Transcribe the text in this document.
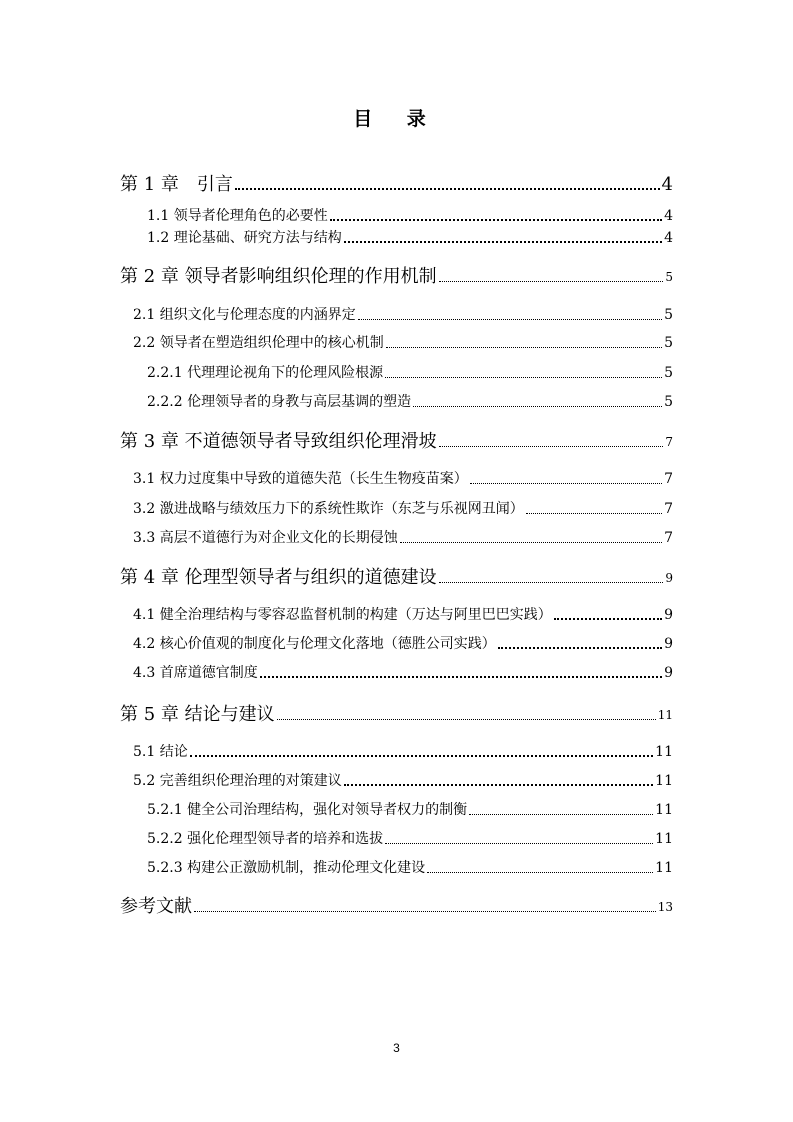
目 录
第 1 章　引言	4
1.1 领导者伦理角色的必要性	4
1.2 理论基础、研究方法与结构	4
第 2 章 领导者影响组织伦理的作用机制	5
2.1 组织文化与伦理态度的内涵界定	5
2.2 领导者在塑造组织伦理中的核心机制	5
2.2.1 代理理论视角下的伦理风险根源	5
2.2.2 伦理领导者的身教与高层基调的塑造	5
第 3 章 不道德领导者导致组织伦理滑坡	7
3.1 权力过度集中导致的道德失范（长生生物疫苗案）	7
3.2 激进战略与绩效压力下的系统性欺诈（东芝与乐视网丑闻）	7
3.3 高层不道德行为对企业文化的长期侵蚀	7
第 4 章 伦理型领导者与组织的道德建设	9
4.1 健全治理结构与零容忍监督机制的构建（万达与阿里巴巴实践）	9
4.2 核心价值观的制度化与伦理文化落地（德胜公司实践）	9
4.3 首席道德官制度	9
第 5 章 结论与建议	11
5.1 结论	11
5.2 完善组织伦理治理的对策建议	11
5.2.1 健全公司治理结构，强化对领导者权力的制衡	11
5.2.2 强化伦理型领导者的培养和选拔	11
5.2.3 构建公正激励机制，推动伦理文化建设	11
参考文献	13
3
